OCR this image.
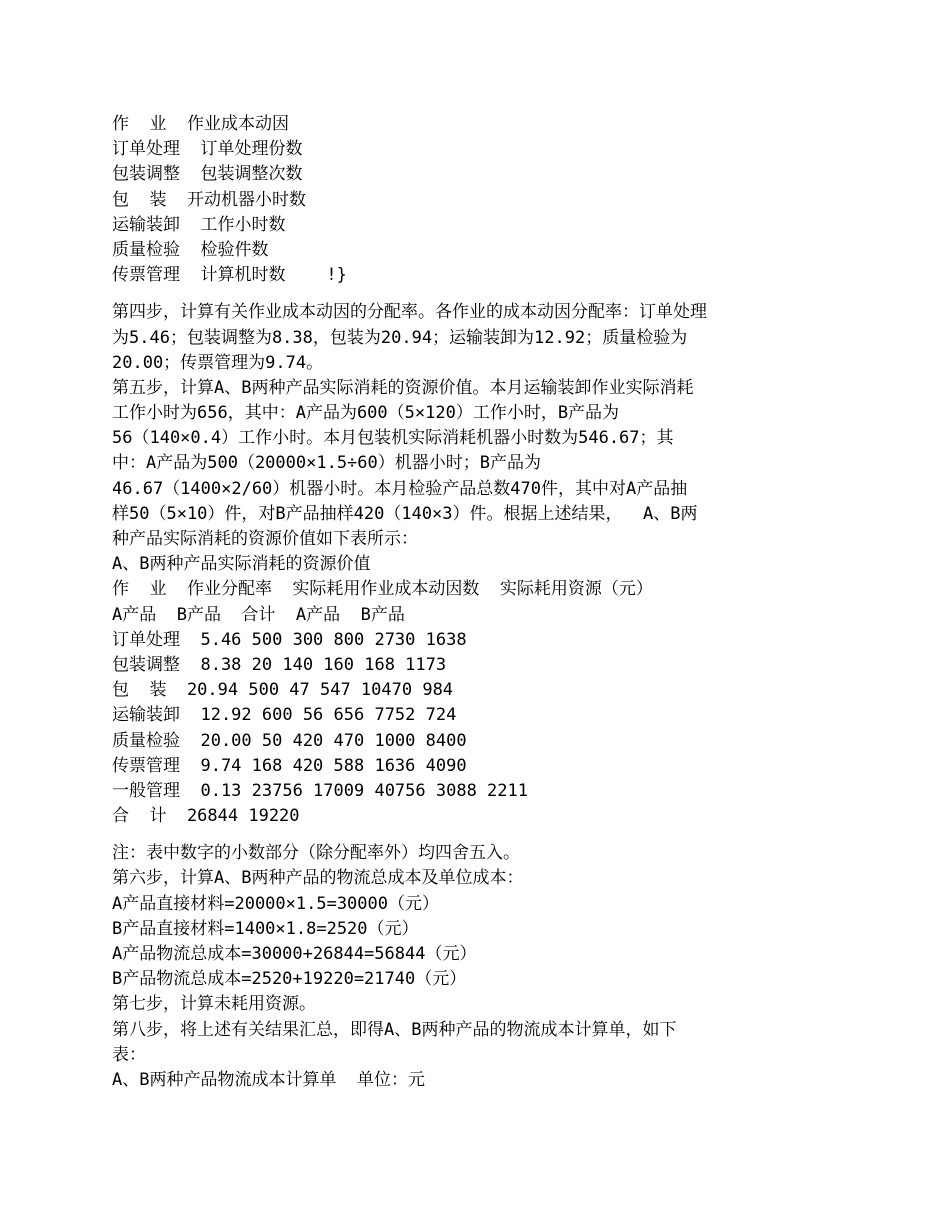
作  业  作业成本动因
订单处理  订单处理份数
包装调整  包装调整次数
包  装  开动机器小时数
运输装卸  工作小时数
质量检验  检验件数
传票管理  计算机时数    !}
第四步，计算有关作业成本动因的分配率。各作业的成本动因分配率：订单处理
为5.46；包装调整为8.38，包装为20.94；运输装卸为12.92；质量检验为
20.00；传票管理为9.74。
第五步，计算A、B两种产品实际消耗的资源价值。本月运输装卸作业实际消耗
工作小时为656，其中：A产品为600（5×120）工作小时，B产品为
56（140×0.4）工作小时。本月包装机实际消耗机器小时数为546.67；其
中：A产品为500（20000×1.5÷60）机器小时；B产品为
46.67（1400×2/60）机器小时。本月检验产品总数470件，其中对A产品抽
样50（5×10）件，对B产品抽样420（140×3）件。根据上述结果，  A、B两
种产品实际消耗的资源价值如下表所示：
A、B两种产品实际消耗的资源价值
作  业  作业分配率  实际耗用作业成本动因数  实际耗用资源（元）
A产品  B产品  合计  A产品  B产品
订单处理  5.46 500 300 800 2730 1638
包装调整  8.38 20 140 160 168 1173
包  装  20.94 500 47 547 10470 984
运输装卸  12.92 600 56 656 7752 724
质量检验  20.00 50 420 470 1000 8400
传票管理  9.74 168 420 588 1636 4090
一般管理  0.13 23756 17009 40756 3088 2211
合  计  26844 19220
注：表中数字的小数部分（除分配率外）均四舍五入。
第六步，计算A、B两种产品的物流总成本及单位成本：
A产品直接材料=20000×1.5=30000（元）
B产品直接材料=1400×1.8=2520（元）
A产品物流总成本=30000+26844=56844（元）
B产品物流总成本=2520+19220=21740（元）
第七步，计算未耗用资源。
第八步，将上述有关结果汇总，即得A、B两种产品的物流成本计算单，如下
表：
A、B两种产品物流成本计算单  单位：元
